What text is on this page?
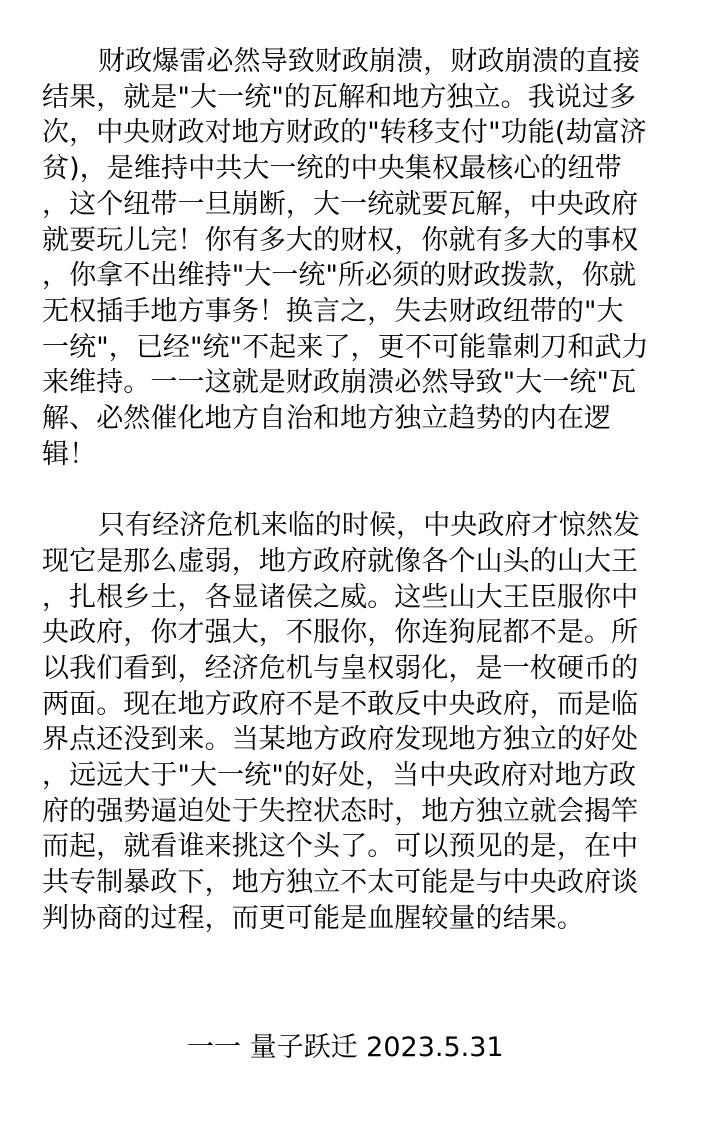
财政爆雷必然导致财政崩溃，财政崩溃的直接
结果，就是"大一统"的瓦解和地方独立。我说过多
次，中央财政对地方财政的"转移支付"功能(劫富济
贫)，是维持中共大一统的中央集权最核心的纽带
，这个纽带一旦崩断，大一统就要瓦解，中央政府
就要玩儿完！你有多大的财权，你就有多大的事权
，你拿不出维持"大一统"所必须的财政拨款，你就
无权插手地方事务！换言之，失去财政纽带的"大
一统"，已经"统"不起来了，更不可能靠刺刀和武力
来维持。一一这就是财政崩溃必然导致"大一统"瓦
解、必然催化地方自治和地方独立趋势的内在逻
辑！
只有经济危机来临的时候，中央政府才惊然发
现它是那么虚弱，地方政府就像各个山头的山大王
，扎根乡土，各显诸侯之威。这些山大王臣服你中
央政府，你才强大，不服你，你连狗屁都不是。所
以我们看到，经济危机与皇权弱化，是一枚硬币的
两面。现在地方政府不是不敢反中央政府，而是临
界点还没到来。当某地方政府发现地方独立的好处
，远远大于"大一统"的好处，当中央政府对地方政
府的强势逼迫处于失控状态时，地方独立就会揭竿
而起，就看谁来挑这个头了。可以预见的是，在中
共专制暴政下，地方独立不太可能是与中央政府谈
判协商的过程，而更可能是血腥较量的结果。
一一 量子跃迁 2023.5.31
